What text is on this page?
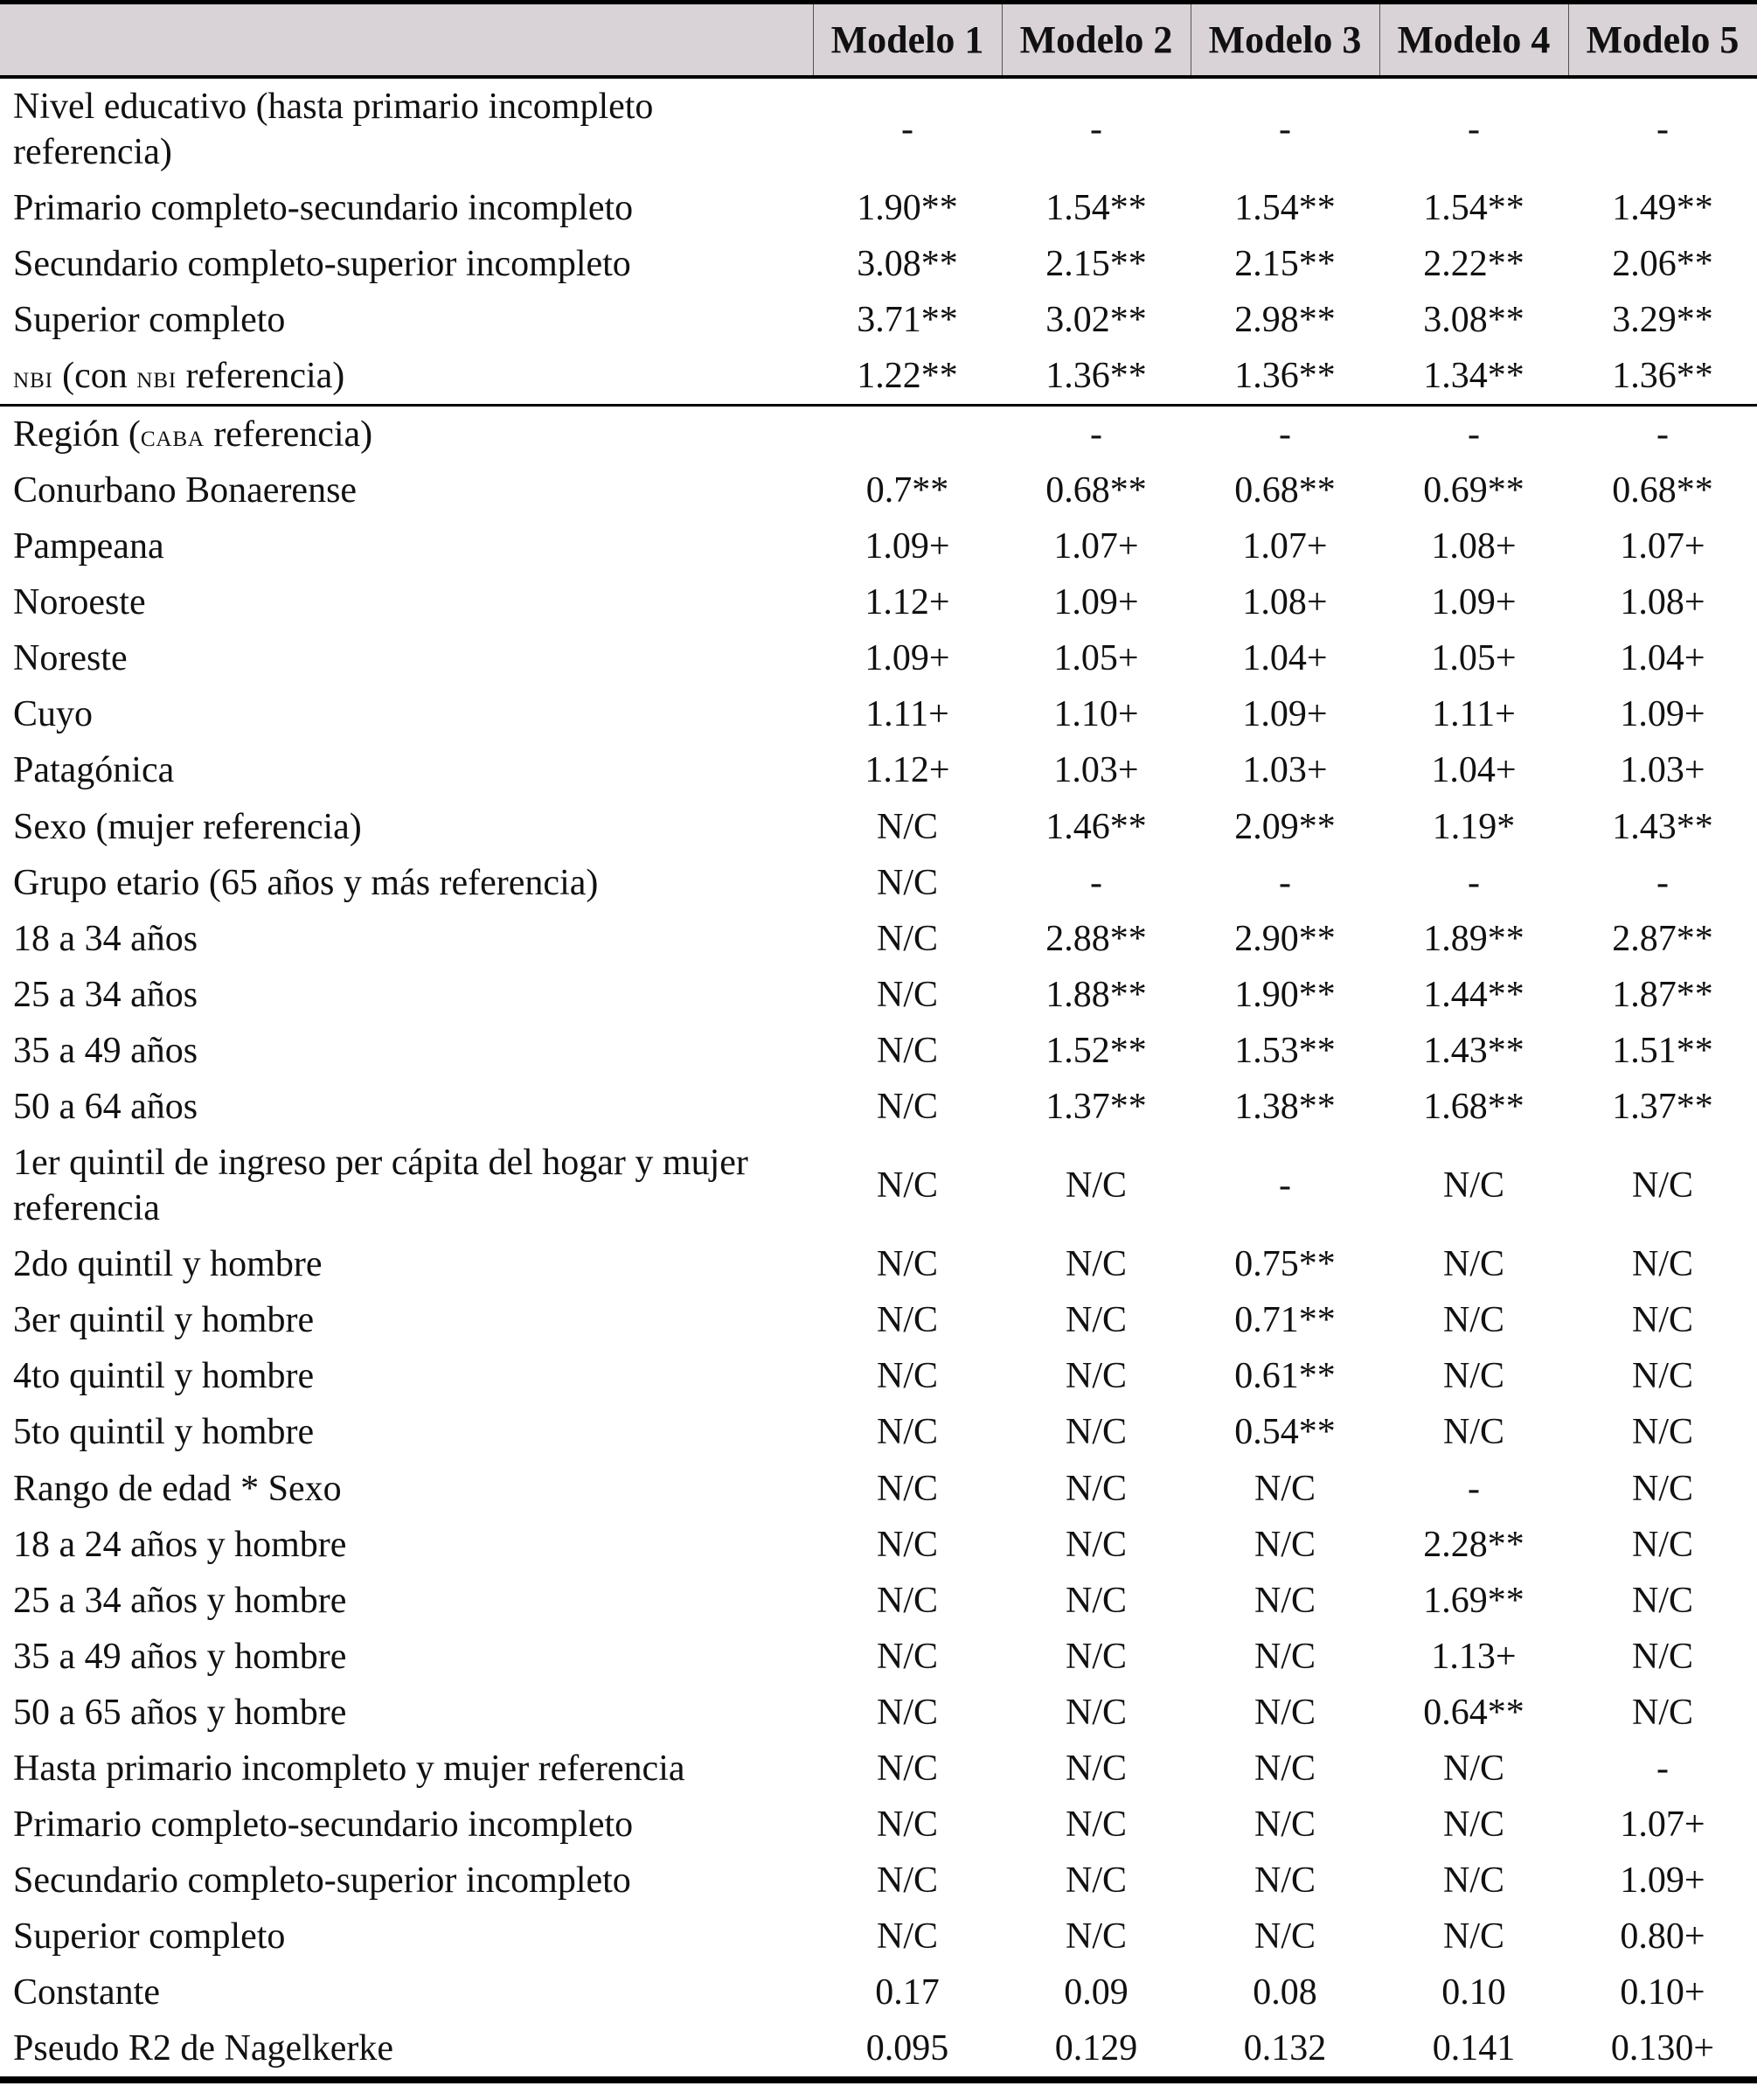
	Modelo 1	Modelo 2	Modelo 3	Modelo 4	Modelo 5
Nivel educativo (hasta primario incompleto referencia)	-	-	-	-	-
Primario completo-secundario incompleto	1.90**	1.54**	1.54**	1.54**	1.49**
Secundario completo-superior incompleto	3.08**	2.15**	2.15**	2.22**	2.06**
Superior completo	3.71**	3.02**	2.98**	3.08**	3.29**
NBI (con NBI referencia)	1.22**	1.36**	1.36**	1.34**	1.36**
Región (CABA referencia)		-	-	-	-
Conurbano Bonaerense	0.7**	0.68**	0.68**	0.69**	0.68**
Pampeana	1.09+	1.07+	1.07+	1.08+	1.07+
Noroeste	1.12+	1.09+	1.08+	1.09+	1.08+
Noreste	1.09+	1.05+	1.04+	1.05+	1.04+
Cuyo	1.11+	1.10+	1.09+	1.11+	1.09+
Patagónica	1.12+	1.03+	1.03+	1.04+	1.03+
Sexo (mujer referencia)	N/C	1.46**	2.09**	1.19*	1.43**
Grupo etario (65 años y más referencia)	N/C	-	-	-	-
18 a 34 años	N/C	2.88**	2.90**	1.89**	2.87**
25 a 34 años	N/C	1.88**	1.90**	1.44**	1.87**
35 a 49 años	N/C	1.52**	1.53**	1.43**	1.51**
50 a 64 años	N/C	1.37**	1.38**	1.68**	1.37**
1er quintil de ingreso per cápita del hogar y mujer referencia	N/C	N/C	-	N/C	N/C
2do quintil y hombre	N/C	N/C	0.75**	N/C	N/C
3er quintil y hombre	N/C	N/C	0.71**	N/C	N/C
4to quintil y hombre	N/C	N/C	0.61**	N/C	N/C
5to quintil y hombre	N/C	N/C	0.54**	N/C	N/C
Rango de edad * Sexo	N/C	N/C	N/C	-	N/C
18 a 24 años y hombre	N/C	N/C	N/C	2.28**	N/C
25 a 34 años y hombre	N/C	N/C	N/C	1.69**	N/C
35 a 49 años y hombre	N/C	N/C	N/C	1.13+	N/C
50 a 65 años y hombre	N/C	N/C	N/C	0.64**	N/C
Hasta primario incompleto y mujer referencia	N/C	N/C	N/C	N/C	-
Primario completo-secundario incompleto	N/C	N/C	N/C	N/C	1.07+
Secundario completo-superior incompleto	N/C	N/C	N/C	N/C	1.09+
Superior completo	N/C	N/C	N/C	N/C	0.80+
Constante	0.17	0.09	0.08	0.10	0.10+
Pseudo R2 de Nagelkerke	0.095	0.129	0.132	0.141	0.130+
